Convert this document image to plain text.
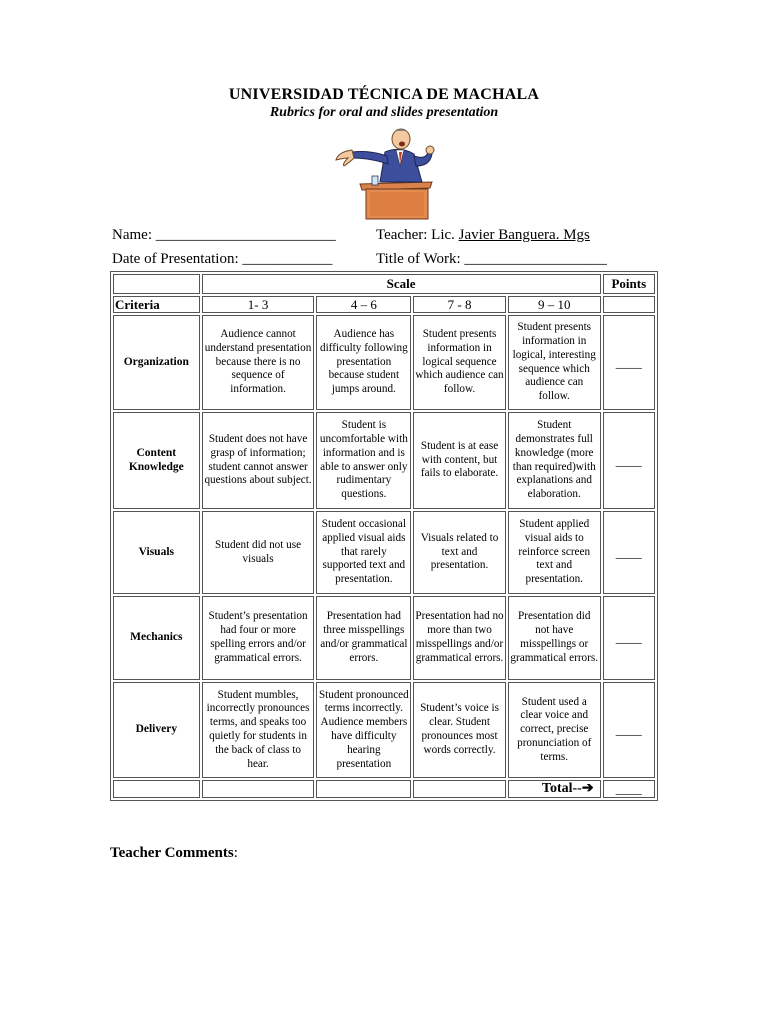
UNIVERSIDAD TÉCNICA DE MACHALA
Rubrics for oral and slides presentation
Name: ________________________	Teacher: Lic. Javier Banguera. Mgs
Date of Presentation: ____________	Title of Work: ___________________
	Scale				Points
Criteria	1- 3	4 – 6	7 - 8	9 – 10	
Organization	Audience cannot understand presentation because there is no sequence of information.	Audience has difficulty following presentation because student jumps around.	Student presents information in logical sequence which audience can follow.	Student presents information in logical, interesting sequence which audience can follow.	____
Content Knowledge	Student does not have grasp of information; student cannot answer questions about subject.	Student is uncomfortable with information and is able to answer only rudimentary questions.	Student is at ease with content, but fails to elaborate.	Student demonstrates full knowledge (more than required)with explanations and elaboration.	____
Visuals	Student did not use visuals	Student occasional applied visual aids that rarely supported text and presentation.	Visuals related to text and presentation.	Student applied visual aids to reinforce screen text and presentation.	____
Mechanics	Student’s presentation had four or more spelling errors and/or grammatical errors.	Presentation had three misspellings and/or grammatical errors.	Presentation had no more than two misspellings and/or grammatical errors.	Presentation did not have misspellings or grammatical errors.	____
Delivery	Student mumbles, incorrectly pronounces terms, and speaks too quietly for students in the back of class to hear.	Student pronounced terms incorrectly. Audience members have difficulty hearing presentation	Student’s voice is clear. Student pronounces most words correctly.	Student used a clear voice and correct, precise pronunciation of terms.	____
				Total--➔	____
Teacher Comments:
